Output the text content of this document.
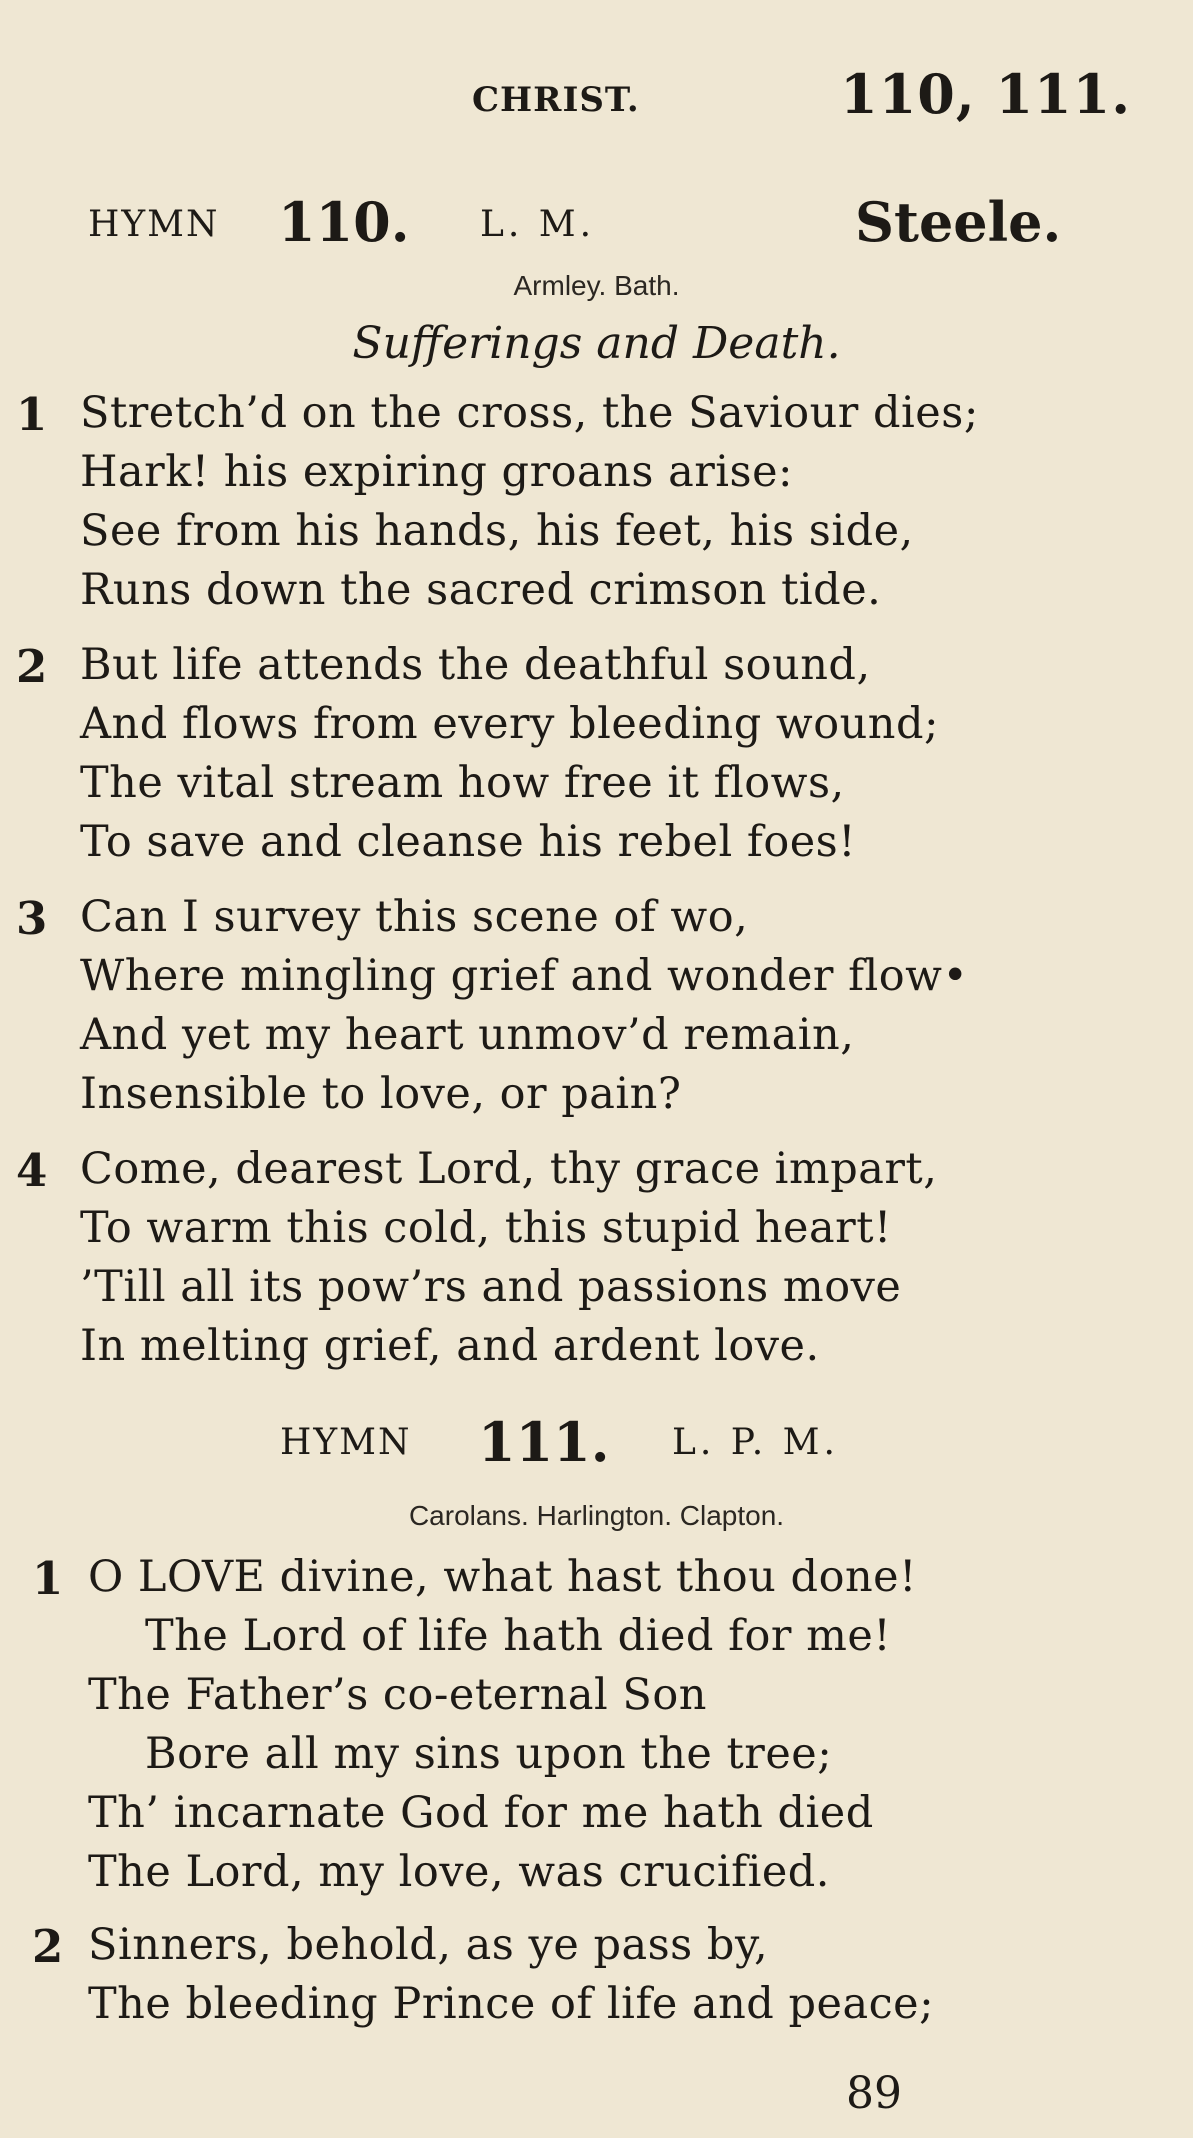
CHRIST.	110, 111.
HYMN 110. L. M.	Steele.
Armley. Bath.
Sufferings and Death.
1 Stretch’d on the cross, the Saviour dies;
Hark! his expiring groans arise:
See from his hands, his feet, his side,
Runs down the sacred crimson tide.
2 But life attends the deathful sound,
And flows from every bleeding wound;
The vital stream how free it flows,
To save and cleanse his rebel foes!
3 Can I survey this scene of wo,
Where mingling grief and wonder flow•
And yet my heart unmov’d remain,
Insensible to love, or pain?
4 Come, dearest Lord, thy grace impart,
To warm this cold, this stupid heart!
’Till all its pow’rs and passions move
In melting grief, and ardent love.
HYMN 111. L. P. M.
Carolans. Harlington. Clapton.
1 O LOVE divine, what hast thou done!
The Lord of life hath died for me!
The Father’s co-eternal Son
Bore all my sins upon the tree;
Th’ incarnate God for me hath died
The Lord, my love, was crucified.
2 Sinners, behold, as ye pass by,
The bleeding Prince of life and peace;
89
